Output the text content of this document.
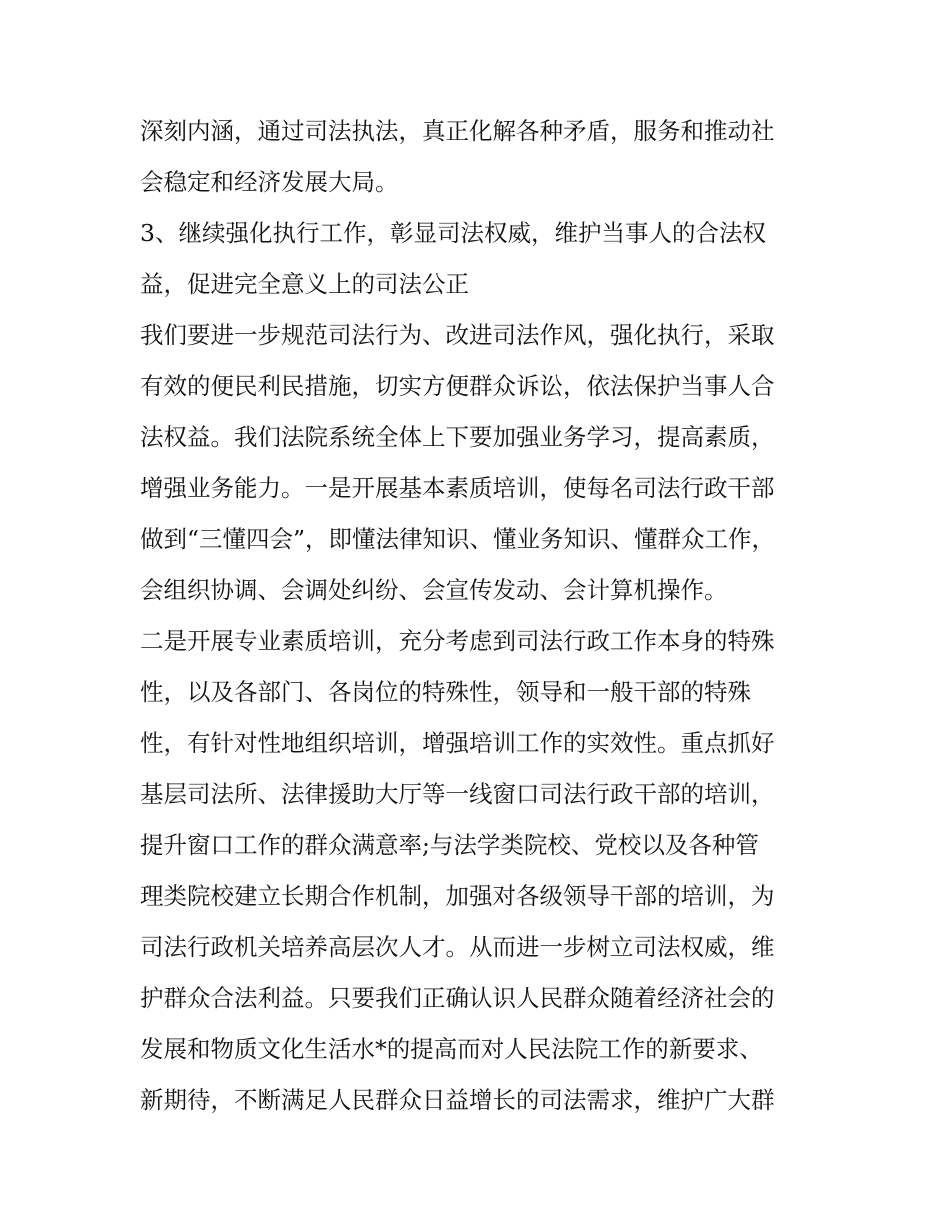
深刻内涵，通过司法执法，真正化解各种矛盾，服务和推动社
会稳定和经济发展大局。
3、继续强化执行工作，彰显司法权威，维护当事人的合法权
益，促进完全意义上的司法公正
我们要进一步规范司法行为、改进司法作风，强化执行，采取
有效的便民利民措施，切实方便群众诉讼，依法保护当事人合
法权益。我们法院系统全体上下要加强业务学习，提高素质，
增强业务能力。一是开展基本素质培训，使每名司法行政干部
做到“三懂四会”，即懂法律知识、懂业务知识、懂群众工作，
会组织协调、会调处纠纷、会宣传发动、会计算机操作。
二是开展专业素质培训，充分考虑到司法行政工作本身的特殊
性，以及各部门、各岗位的特殊性，领导和一般干部的特殊
性，有针对性地组织培训，增强培训工作的实效性。重点抓好
基层司法所、法律援助大厅等一线窗口司法行政干部的培训，
提升窗口工作的群众满意率;与法学类院校、党校以及各种管
理类院校建立长期合作机制，加强对各级领导干部的培训，为
司法行政机关培养高层次人才。从而进一步树立司法权威，维
护群众合法利益。只要我们正确认识人民群众随着经济社会的
发展和物质文化生活水*的提高而对人民法院工作的新要求、
新期待，不断满足人民群众日益增长的司法需求，维护广大群
